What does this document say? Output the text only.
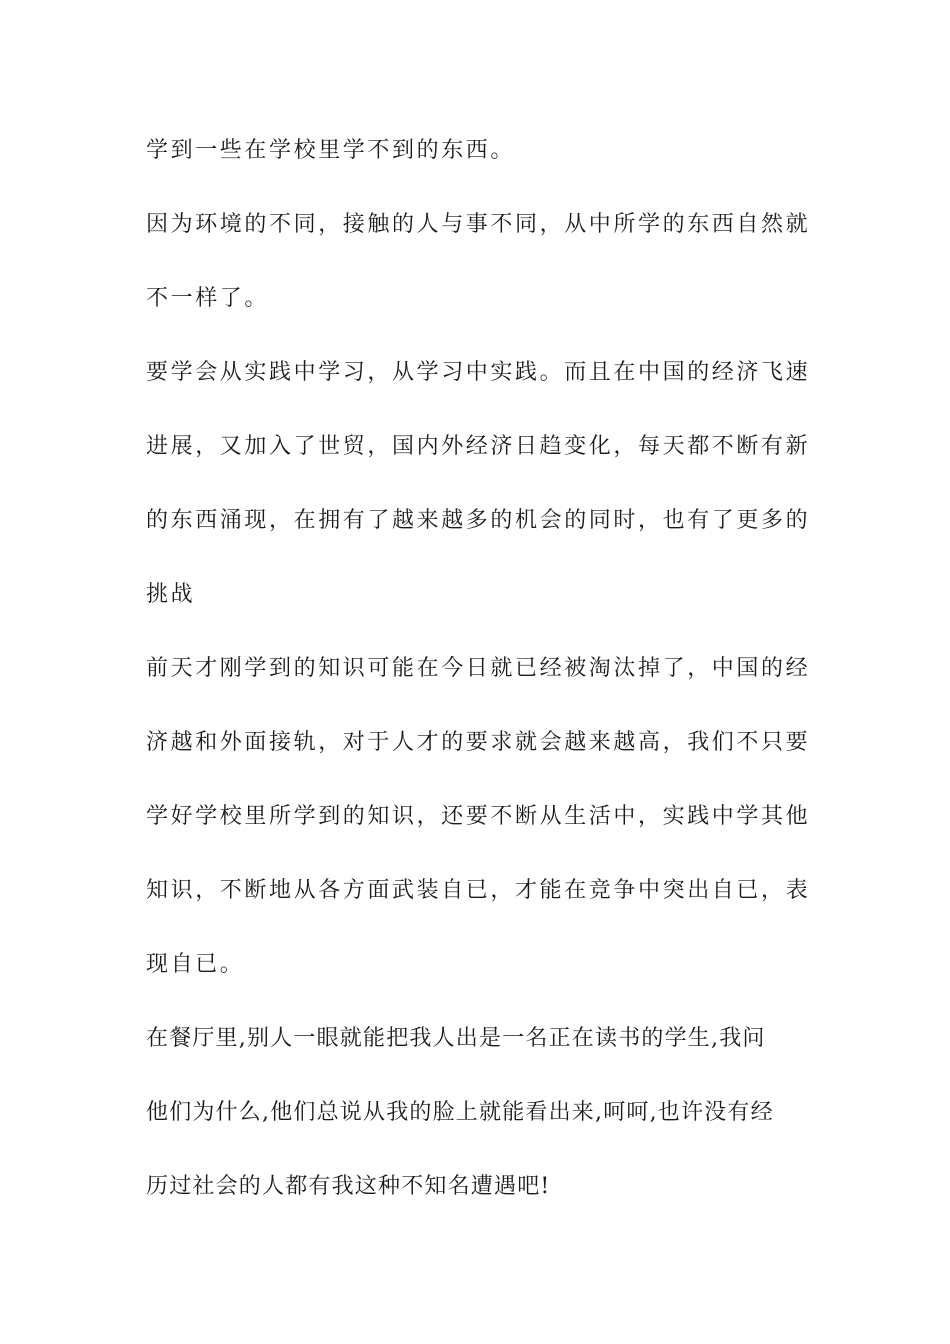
学到一些在学校里学不到的东西。
因为环境的不同，接触的人与事不同，从中所学的东西自然就
不一样了。
要学会从实践中学习，从学习中实践。而且在中国的经济飞速
进展，又加入了世贸，国内外经济日趋变化，每天都不断有新
的东西涌现，在拥有了越来越多的机会的同时，也有了更多的
挑战
前天才刚学到的知识可能在今日就已经被淘汰掉了，中国的经
济越和外面接轨，对于人才的要求就会越来越高，我们不只要
学好学校里所学到的知识，还要不断从生活中，实践中学其他
知识，不断地从各方面武装自已，才能在竞争中突出自已，表
现自已。
在餐厅里,别人一眼就能把我人出是一名正在读书的学生,我问
他们为什么,他们总说从我的脸上就能看出来,呵呵,也许没有经
历过社会的人都有我这种不知名遭遇吧!
